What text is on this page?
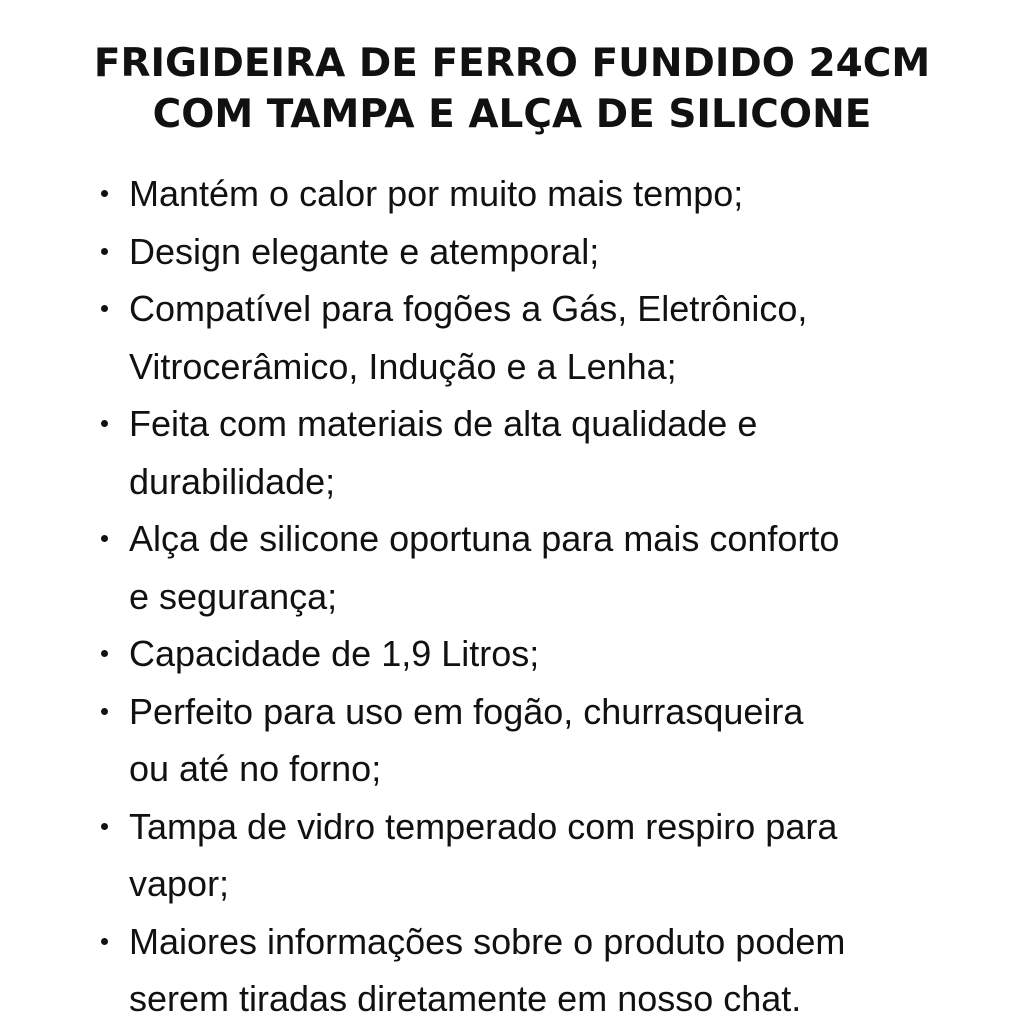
FRIGIDEIRA DE FERRO FUNDIDO 24CM
COM TAMPA E ALÇA DE SILICONE
Mantém o calor por muito mais tempo;
Design elegante e atemporal;
Compatível para fogões a Gás, Eletrônico,
Vitrocerâmico, Indução e a Lenha;
Feita com materiais de alta qualidade e
durabilidade;
Alça de silicone oportuna para mais conforto
e segurança;
Capacidade de 1,9 Litros;
Perfeito para uso em fogão, churrasqueira
ou até no forno;
Tampa de vidro temperado com respiro para
vapor;
Maiores informações sobre o produto podem
serem tiradas diretamente em nosso chat.
